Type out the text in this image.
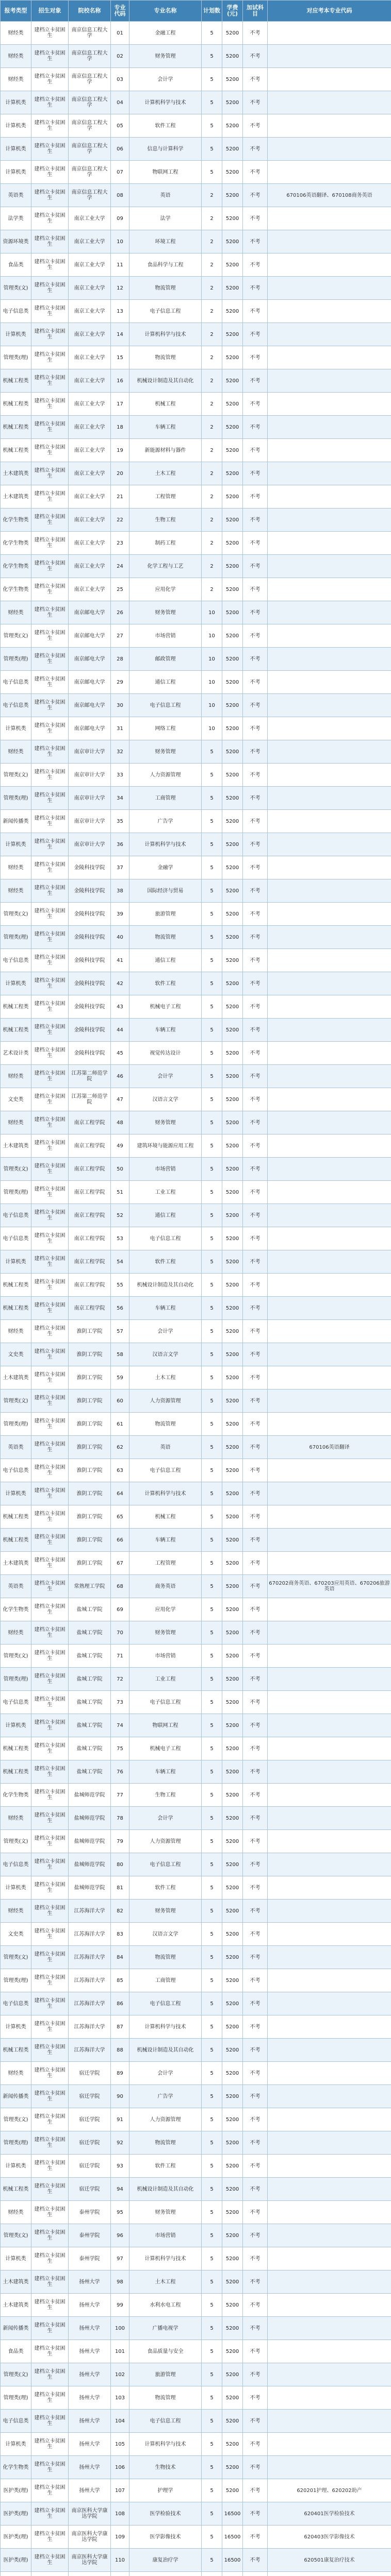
报考类型	招生对象	院校名称	专业代码	专业名称	计划数	学费(元)	加试科目	对应考本专业代码
财经类	建档立卡贫困生	南京信息工程大学	01	金融工程	5	5200	不考	
财经类	建档立卡贫困生	南京信息工程大学	02	财务管理	5	5200	不考	
财经类	建档立卡贫困生	南京信息工程大学	03	会计学	5	5200	不考	
计算机类	建档立卡贫困生	南京信息工程大学	04	计算机科学与技术	5	5200	不考	
计算机类	建档立卡贫困生	南京信息工程大学	05	软件工程	5	5200	不考	
计算机类	建档立卡贫困生	南京信息工程大学	06	信息与计算科学	5	5200	不考	
计算机类	建档立卡贫困生	南京信息工程大学	07	物联网工程	5	5200	不考	
英语类	建档立卡贫困生	南京信息工程大学	08	英语	2	5200	不考	670106英语翻译、670108商务英语
法学类	建档立卡贫困生	南京工业大学	09	法学	2	5200	不考	
资源环境类	建档立卡贫困生	南京工业大学	10	环境工程	2	5200	不考	
食品类	建档立卡贫困生	南京工业大学	11	食品科学与工程	2	5200	不考	
管理类(文)	建档立卡贫困生	南京工业大学	12	物流管理	2	5200	不考	
电子信息类	建档立卡贫困生	南京工业大学	13	电子信息工程	2	5200	不考	
计算机类	建档立卡贫困生	南京工业大学	14	计算机科学与技术	2	5200	不考	
管理类(理)	建档立卡贫困生	南京工业大学	15	物流管理	2	5200	不考	
机械工程类	建档立卡贫困生	南京工业大学	16	机械设计制造及其自动化	2	5200	不考	
机械工程类	建档立卡贫困生	南京工业大学	17	机械工程	2	5200	不考	
机械工程类	建档立卡贫困生	南京工业大学	18	车辆工程	2	5200	不考	
机械工程类	建档立卡贫困生	南京工业大学	19	新能源材料与器件	2	5200	不考	
土木建筑类	建档立卡贫困生	南京工业大学	20	土木工程	2	5200	不考	
土木建筑类	建档立卡贫困生	南京工业大学	21	工程管理	2	5200	不考	
化学生物类	建档立卡贫困生	南京工业大学	22	生物工程	2	5200	不考	
化学生物类	建档立卡贫困生	南京工业大学	23	制药工程	2	5200	不考	
化学生物类	建档立卡贫困生	南京工业大学	24	化学工程与工艺	2	5200	不考	
化学生物类	建档立卡贫困生	南京工业大学	25	应用化学	2	5200	不考	
财经类	建档立卡贫困生	南京邮电大学	26	财务管理	10	5200	不考	
管理类(文)	建档立卡贫困生	南京邮电大学	27	市场营销	10	5200	不考	
管理类(理)	建档立卡贫困生	南京邮电大学	28	邮政管理	10	5200	不考	
电子信息类	建档立卡贫困生	南京邮电大学	29	通信工程	10	5200	不考	
电子信息类	建档立卡贫困生	南京邮电大学	30	电子信息工程	10	5200	不考	
计算机类	建档立卡贫困生	南京邮电大学	31	网络工程	10	5200	不考	
财经类	建档立卡贫困生	南京审计大学	32	财务管理	5	5200	不考	
管理类(文)	建档立卡贫困生	南京审计大学	33	人力资源管理	5	5200	不考	
管理类(理)	建档立卡贫困生	南京审计大学	34	工商管理	5	5200	不考	
新闻传播类	建档立卡贫困生	南京审计大学	35	广告学	5	5200	不考	
计算机类	建档立卡贫困生	南京审计大学	36	计算机科学与技术	5	5200	不考	
财经类	建档立卡贫困生	金陵科技学院	37	金融学	5	5200	不考	
财经类	建档立卡贫困生	金陵科技学院	38	国际经济与贸易	5	5200	不考	
管理类(文)	建档立卡贫困生	金陵科技学院	39	旅游管理	5	5200	不考	
管理类(理)	建档立卡贫困生	金陵科技学院	40	物流管理	5	5200	不考	
电子信息类	建档立卡贫困生	金陵科技学院	41	通信工程	5	5200	不考	
计算机类	建档立卡贫困生	金陵科技学院	42	软件工程	5	5200	不考	
机械工程类	建档立卡贫困生	金陵科技学院	43	机械电子工程	5	5200	不考	
机械工程类	建档立卡贫困生	金陵科技学院	44	车辆工程	5	5200	不考	
艺术设计类	建档立卡贫困生	金陵科技学院	45	视觉传达设计	5	5200	不考	
财经类	建档立卡贫困生	江苏第二师范学院	46	会计学	5	5200	不考	
文史类	建档立卡贫困生	江苏第二师范学院	47	汉语言文学	5	5200	不考	
财经类	建档立卡贫困生	南京工程学院	48	财务管理	5	5200	不考	
土木建筑类	建档立卡贫困生	南京工程学院	49	建筑环境与能源应用工程	5	5200	不考	
管理类(文)	建档立卡贫困生	南京工程学院	50	市场营销	5	5200	不考	
管理类(理)	建档立卡贫困生	南京工程学院	51	工业工程	5	5200	不考	
电子信息类	建档立卡贫困生	南京工程学院	52	通信工程	5	5200	不考	
电子信息类	建档立卡贫困生	南京工程学院	53	电子信息工程	5	5200	不考	
计算机类	建档立卡贫困生	南京工程学院	54	软件工程	5	5200	不考	
机械工程类	建档立卡贫困生	南京工程学院	55	机械设计制造及其自动化	5	5200	不考	
机械工程类	建档立卡贫困生	南京工程学院	56	车辆工程	5	5200	不考	
财经类	建档立卡贫困生	淮阴工学院	57	会计学	5	5200	不考	
文史类	建档立卡贫困生	淮阴工学院	58	汉语言文学	5	5200	不考	
土木建筑类	建档立卡贫困生	淮阴工学院	59	土木工程	5	5200	不考	
管理类(文)	建档立卡贫困生	淮阴工学院	60	人力资源管理	5	5200	不考	
管理类(理)	建档立卡贫困生	淮阴工学院	61	物流管理	5	5200	不考	
英语类	建档立卡贫困生	淮阴工学院	62	英语	5	5200	不考	670106英语翻译
电子信息类	建档立卡贫困生	淮阴工学院	63	电子信息工程	5	5200	不考	
计算机类	建档立卡贫困生	淮阴工学院	64	计算机科学与技术	5	5200	不考	
机械工程类	建档立卡贫困生	淮阴工学院	65	机械工程	5	5200	不考	
机械工程类	建档立卡贫困生	淮阴工学院	66	车辆工程	5	5200	不考	
土木建筑类	建档立卡贫困生	淮阴工学院	67	工程管理	5	5200	不考	
英语类	建档立卡贫困生	常熟理工学院	68	商务英语	5	5200	不考	670202商务英语、670203应用英语、670206旅游英语
化学生物类	建档立卡贫困生	盐城工学院	69	应用化学	5	5200	不考	
财经类	建档立卡贫困生	盐城工学院	70	财务管理	5	5200	不考	
管理类(文)	建档立卡贫困生	盐城工学院	71	市场营销	5	5200	不考	
管理类(理)	建档立卡贫困生	盐城工学院	72	工业工程	5	5200	不考	
电子信息类	建档立卡贫困生	盐城工学院	73	电子信息工程	5	5200	不考	
计算机类	建档立卡贫困生	盐城工学院	74	物联网工程	5	5200	不考	
机械工程类	建档立卡贫困生	盐城工学院	75	机械电子工程	5	5200	不考	
机械工程类	建档立卡贫困生	盐城工学院	76	车辆工程	5	5200	不考	
化学生物类	建档立卡贫困生	盐城师范学院	77	生物工程	5	5200	不考	
财经类	建档立卡贫困生	盐城师范学院	78	会计学	5	5200	不考	
管理类(文)	建档立卡贫困生	盐城师范学院	79	人力资源管理	5	5200	不考	
电子信息类	建档立卡贫困生	盐城师范学院	80	电子信息工程	5	5200	不考	
计算机类	建档立卡贫困生	盐城师范学院	81	软件工程	5	5200	不考	
财经类	建档立卡贫困生	江苏海洋大学	82	财务管理	5	5200	不考	
文史类	建档立卡贫困生	江苏海洋大学	83	汉语言文学	5	5200	不考	
管理类(文)	建档立卡贫困生	江苏海洋大学	84	物流管理	5	5200	不考	
管理类(理)	建档立卡贫困生	江苏海洋大学	85	工商管理	5	5200	不考	
电子信息类	建档立卡贫困生	江苏海洋大学	86	电子信息工程	5	5200	不考	
计算机类	建档立卡贫困生	江苏海洋大学	87	计算机科学与技术	5	5200	不考	
机械工程类	建档立卡贫困生	江苏海洋大学	88	机械设计制造及其自动化	5	5200	不考	
财经类	建档立卡贫困生	宿迁学院	89	会计学	5	5200	不考	
新闻传播类	建档立卡贫困生	宿迁学院	90	广告学	5	5200	不考	
管理类(文)	建档立卡贫困生	宿迁学院	91	人力资源管理	5	5200	不考	
管理类(理)	建档立卡贫困生	宿迁学院	92	物流管理	5	5200	不考	
计算机类	建档立卡贫困生	宿迁学院	93	软件工程	5	5200	不考	
机械工程类	建档立卡贫困生	宿迁学院	94	机械设计制造及其自动化	5	5200	不考	
财经类	建档立卡贫困生	泰州学院	95	财务管理	5	5200	不考	
管理类(文)	建档立卡贫困生	泰州学院	96	市场营销	5	5200	不考	
计算机类	建档立卡贫困生	泰州学院	97	计算机科学与技术	5	5200	不考	
土木建筑类	建档立卡贫困生	扬州大学	98	土木工程	5	5200	不考	
土木建筑类	建档立卡贫困生	扬州大学	99	水利水电工程	5	5200	不考	
新闻传播类	建档立卡贫困生	扬州大学	100	广播电视学	5	5200	不考	
食品类	建档立卡贫困生	扬州大学	101	食品质量与安全	5	5200	不考	
管理类(文)	建档立卡贫困生	扬州大学	102	旅游管理	5	5200	不考	
管理类(理)	建档立卡贫困生	扬州大学	103	物流管理	5	5200	不考	
电子信息类	建档立卡贫困生	扬州大学	104	电子信息工程	5	5200	不考	
计算机类	建档立卡贫困生	扬州大学	105	计算机科学与技术	5	5200	不考	
化学生物类	建档立卡贫困生	扬州大学	106	生物技术	5	5200	不考	
医护类(理)	建档立卡贫困生	扬州大学	107	护理学	5	5200	不考	620201护理、620202助产
医护类(理)	建档立卡贫困生	南京医科大学康达学院	108	医学检验技术	5	16500	不考	620401医学检验技术
医护类(理)	建档立卡贫困生	南京医科大学康达学院	109	医学影像技术	5	16500	不考	620403医学影像技术
医护类(理)	建档立卡贫困生	南京医科大学康达学院	110	康复治疗学	5	16500	不考	620501康复治疗技术
